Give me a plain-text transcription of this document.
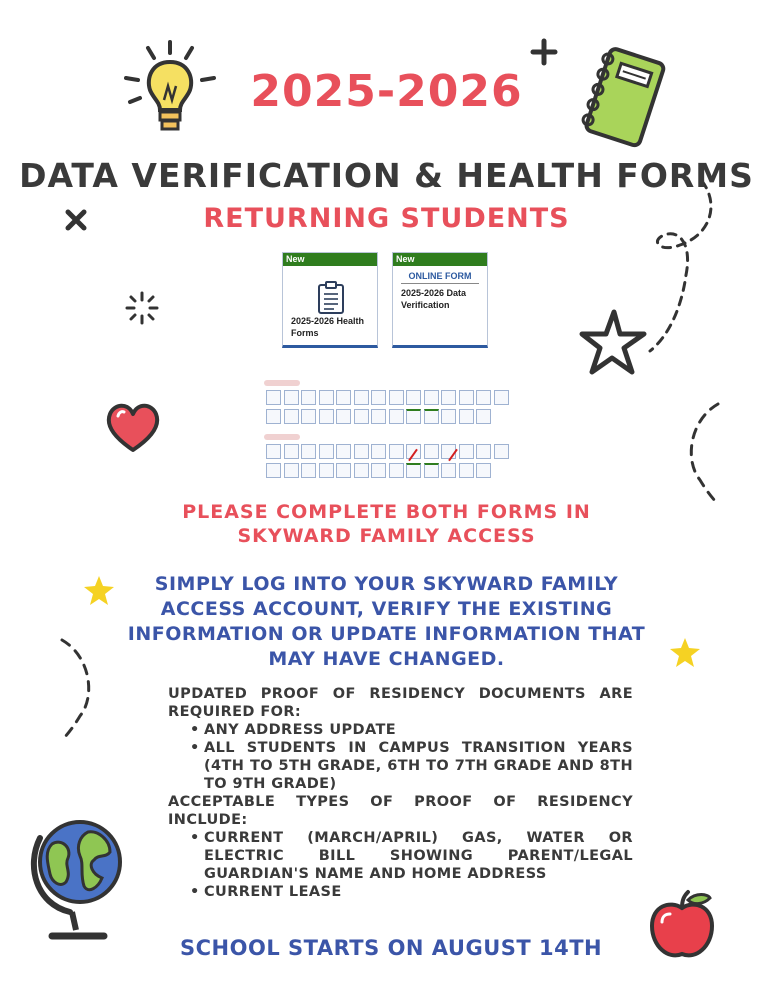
2025-2026
DATA VERIFICATION & HEALTH FORMS
RETURNING STUDENTS
New
2025-2026 Health Forms
New
ONLINE FORM
2025-2026 Data Verification
PLEASE COMPLETE BOTH FORMS IN SKYWARD FAMILY ACCESS
SIMPLY LOG INTO YOUR SKYWARD FAMILY ACCESS ACCOUNT, VERIFY THE EXISTING INFORMATION OR UPDATE INFORMATION THAT MAY HAVE CHANGED.

UPDATED PROOF OF RESIDENCY DOCUMENTS ARE REQUIRED FOR:

• ANY ADDRESS UPDATE
• ALL STUDENTS IN CAMPUS TRANSITION YEARS (4TH TO 5TH GRADE, 6TH TO 7TH GRADE AND 8TH TO 9TH GRADE)

ACCEPTABLE TYPES OF PROOF OF RESIDENCY INCLUDE:

• CURRENT (MARCH/APRIL) GAS, WATER OR ELECTRIC BILL SHOWING PARENT/LEGAL GUARDIAN'S NAME AND HOME ADDRESS
• CURRENT LEASE
SCHOOL STARTS ON AUGUST 14TH
